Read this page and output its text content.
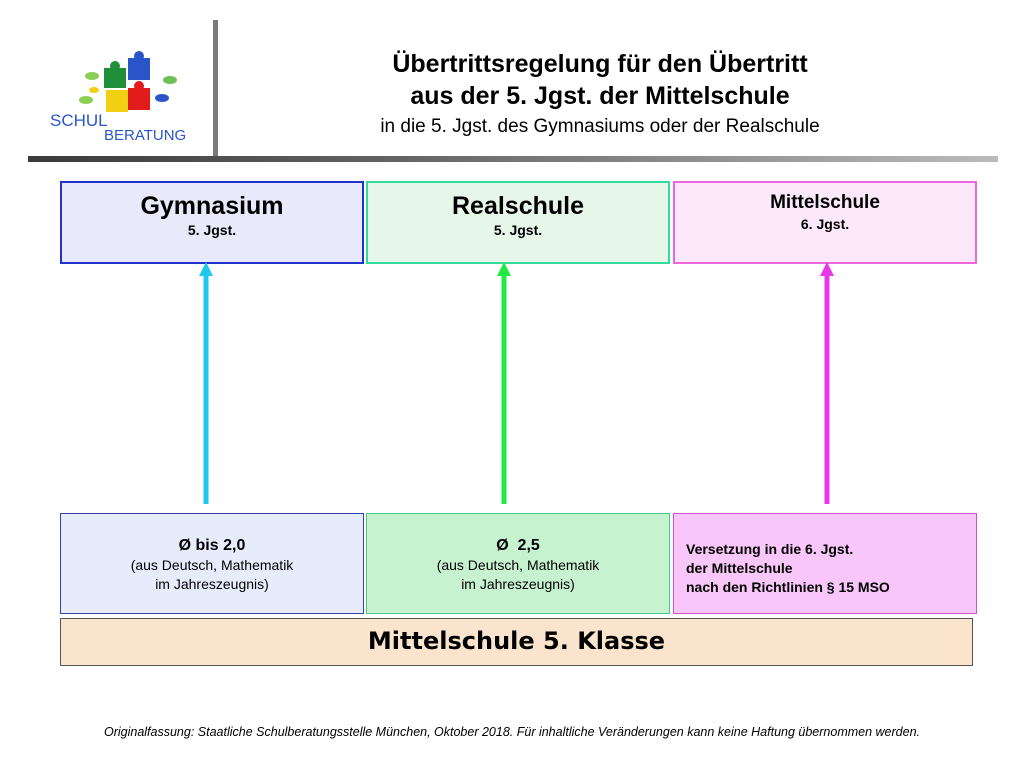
SCHUL
BERATUNG
Übertrittsregelung für den Übertritt
aus der 5. Jgst. der Mittelschule
in die 5. Jgst. des Gymnasiums oder der Realschule
Gymnasium
5. Jgst.
Realschule
5. Jgst.
Mittelschule
6. Jgst.
Ø bis 2,0
(aus Deutsch, Mathematik
im Jahreszeugnis)
Ø  2,5
(aus Deutsch, Mathematik
im Jahreszeugnis)
Versetzung in die 6. Jgst.
der Mittelschule
nach den Richtlinien § 15 MSO
Mittelschule 5. Klasse
Originalfassung: Staatliche Schulberatungsstelle München, Oktober 2018. Für inhaltliche Veränderungen kann keine Haftung übernommen werden.
